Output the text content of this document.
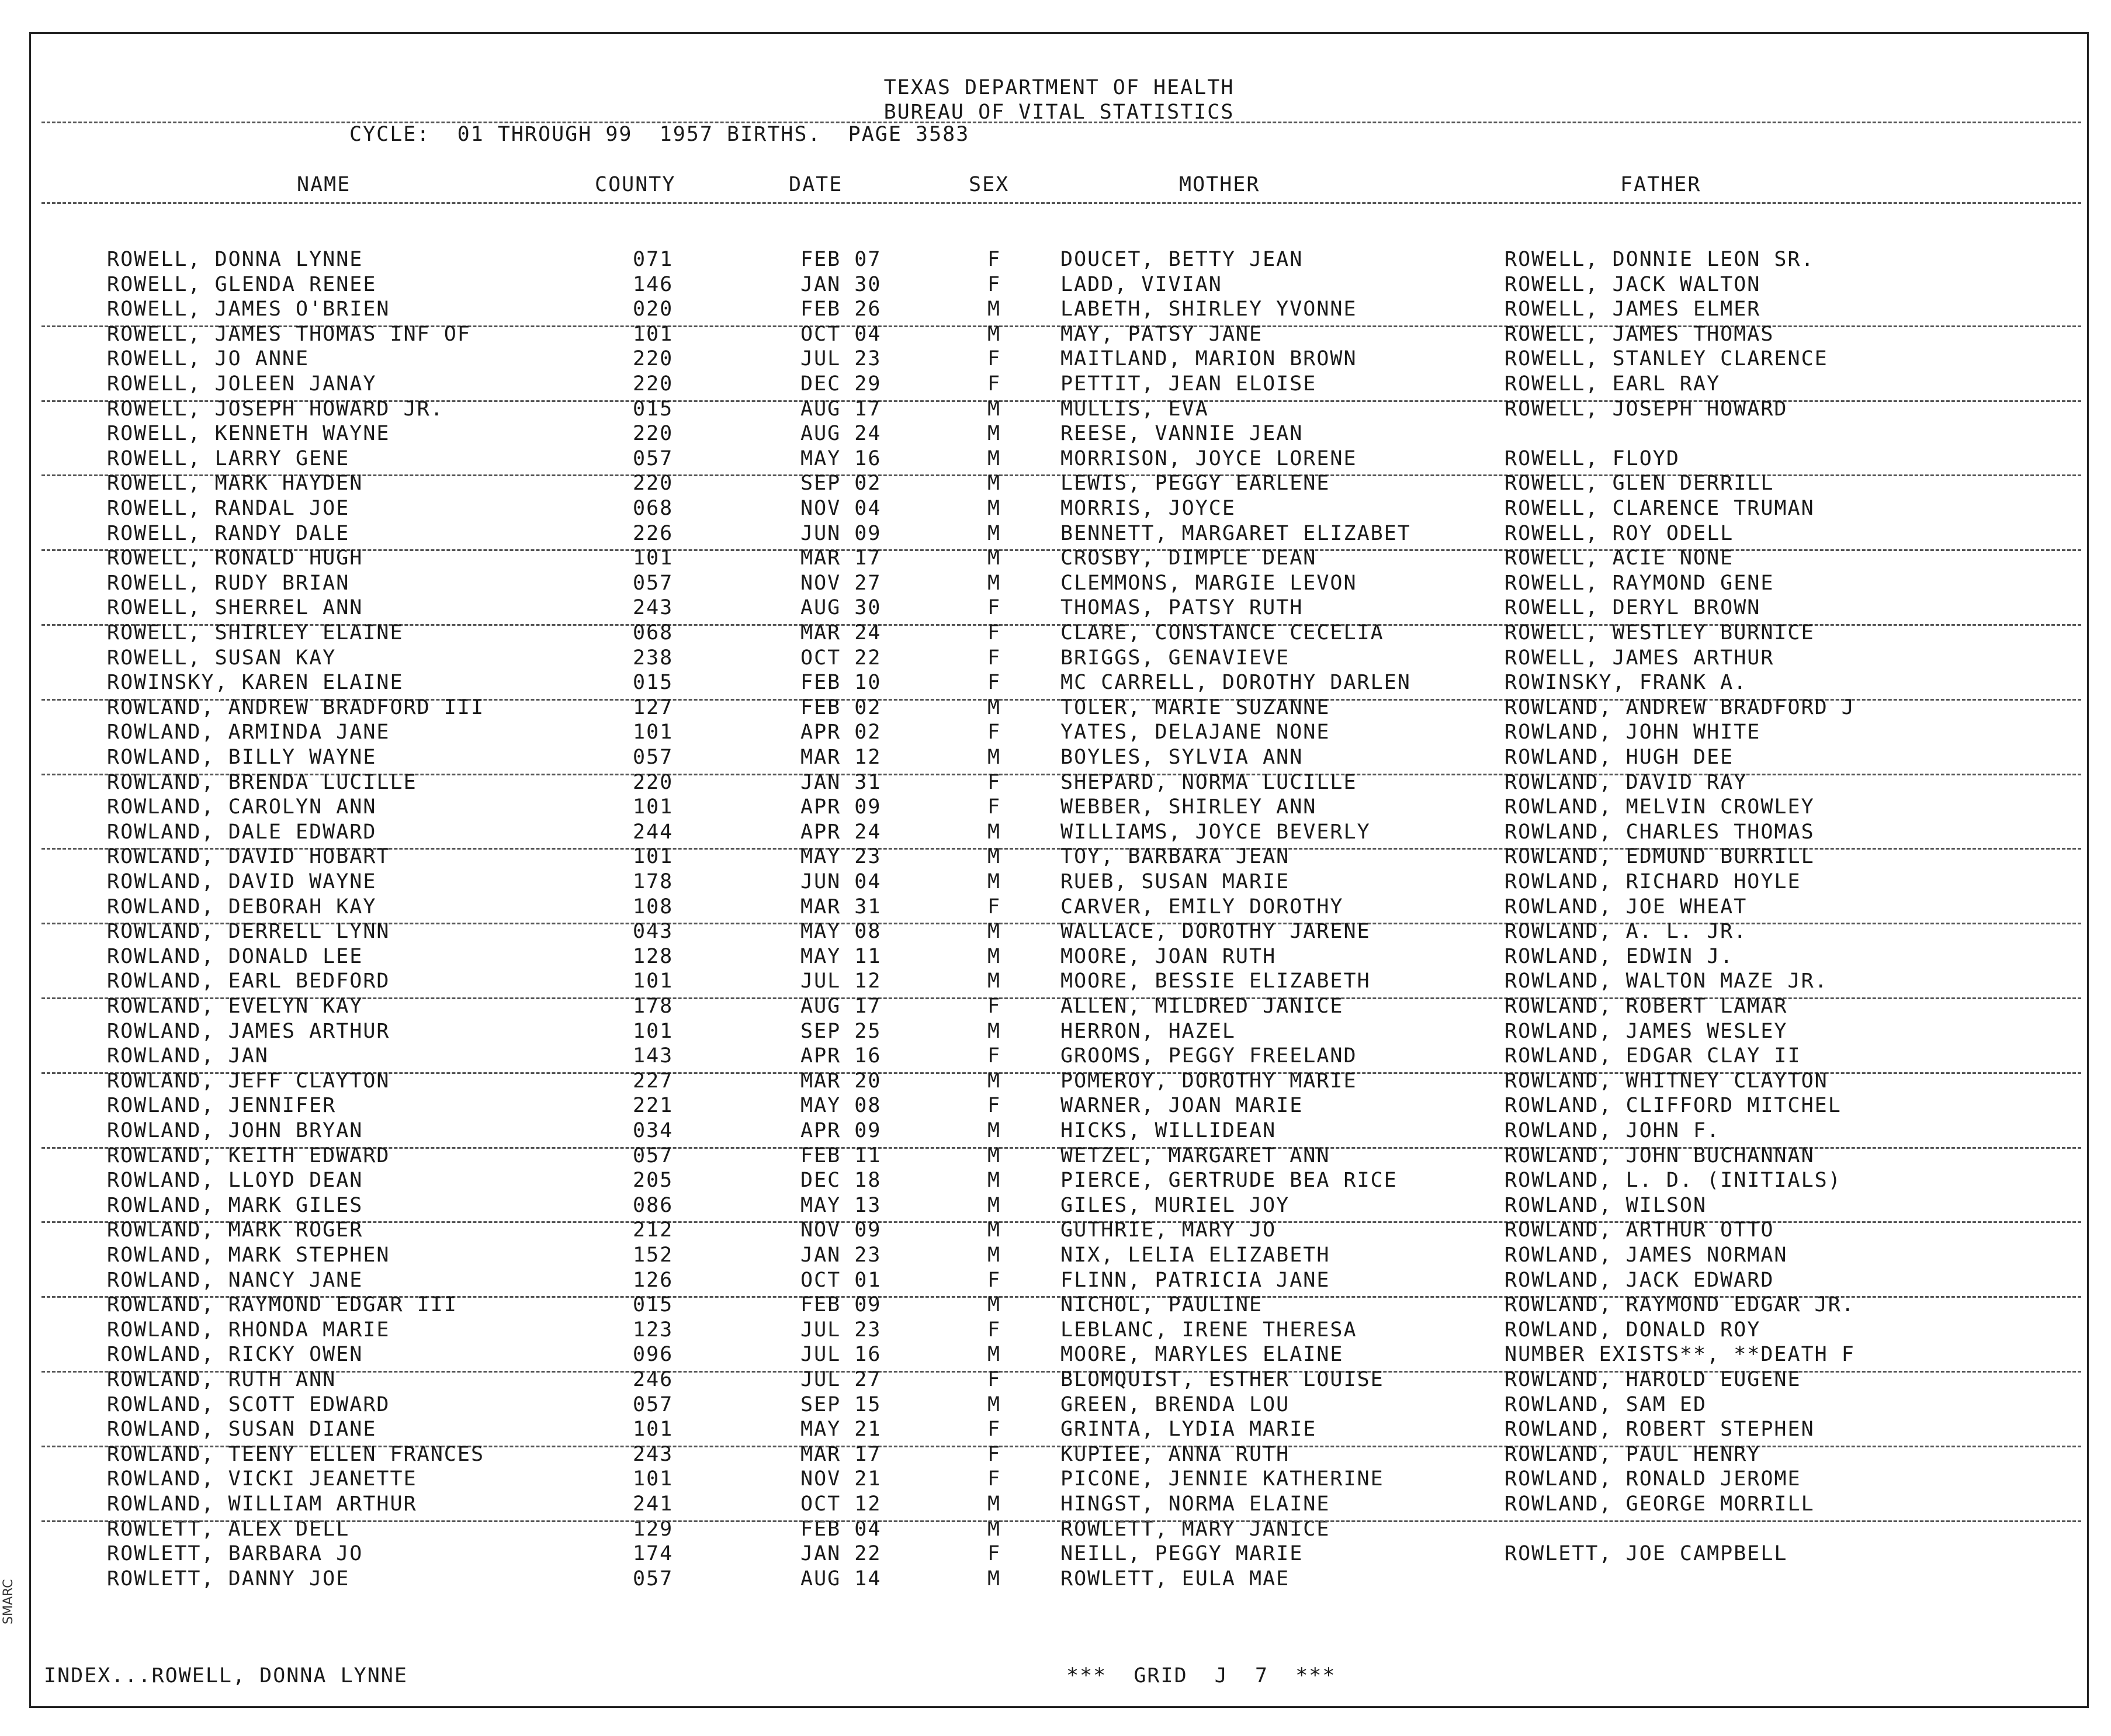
TEXAS DEPARTMENT OF HEALTH
BUREAU OF VITAL STATISTICS
CYCLE:  01 THROUGH 99  1957 BIRTHS.  PAGE 3583
NAME	COUNTY	DATE	SEX	MOTHER	FATHER
ROWELL, DONNA LYNNE	071	FEB 07	F	DOUCET, BETTY JEAN	ROWELL, DONNIE LEON SR.
ROWELL, GLENDA RENEE	146	JAN 30	F	LADD, VIVIAN	ROWELL, JACK WALTON
ROWELL, JAMES O'BRIEN	020	FEB 26	M	LABETH, SHIRLEY YVONNE	ROWELL, JAMES ELMER
ROWELL, JAMES THOMAS INF OF	101	OCT 04	M	MAY, PATSY JANE	ROWELL, JAMES THOMAS
ROWELL, JO ANNE	220	JUL 23	F	MAITLAND, MARION BROWN	ROWELL, STANLEY CLARENCE
ROWELL, JOLEEN JANAY	220	DEC 29	F	PETTIT, JEAN ELOISE	ROWELL, EARL RAY
ROWELL, JOSEPH HOWARD JR.	015	AUG 17	M	MULLIS, EVA	ROWELL, JOSEPH HOWARD
ROWELL, KENNETH WAYNE	220	AUG 24	M	REESE, VANNIE JEAN
ROWELL, LARRY GENE	057	MAY 16	M	MORRISON, JOYCE LORENE	ROWELL, FLOYD
ROWELL, MARK HAYDEN	220	SEP 02	M	LEWIS, PEGGY EARLENE	ROWELL, GLEN DERRILL
ROWELL, RANDAL JOE	068	NOV 04	M	MORRIS, JOYCE	ROWELL, CLARENCE TRUMAN
ROWELL, RANDY DALE	226	JUN 09	M	BENNETT, MARGARET ELIZABET	ROWELL, ROY ODELL
ROWELL, RONALD HUGH	101	MAR 17	M	CROSBY, DIMPLE DEAN	ROWELL, ACIE NONE
ROWELL, RUDY BRIAN	057	NOV 27	M	CLEMMONS, MARGIE LEVON	ROWELL, RAYMOND GENE
ROWELL, SHERREL ANN	243	AUG 30	F	THOMAS, PATSY RUTH	ROWELL, DERYL BROWN
ROWELL, SHIRLEY ELAINE	068	MAR 24	F	CLARE, CONSTANCE CECELIA	ROWELL, WESTLEY BURNICE
ROWELL, SUSAN KAY	238	OCT 22	F	BRIGGS, GENAVIEVE	ROWELL, JAMES ARTHUR
ROWINSKY, KAREN ELAINE	015	FEB 10	F	MC CARRELL, DOROTHY DARLEN	ROWINSKY, FRANK A.
ROWLAND, ANDREW BRADFORD III	127	FEB 02	M	TOLER, MARIE SUZANNE	ROWLAND, ANDREW BRADFORD J
ROWLAND, ARMINDA JANE	101	APR 02	F	YATES, DELAJANE NONE	ROWLAND, JOHN WHITE
ROWLAND, BILLY WAYNE	057	MAR 12	M	BOYLES, SYLVIA ANN	ROWLAND, HUGH DEE
ROWLAND, BRENDA LUCILLE	220	JAN 31	F	SHEPARD, NORMA LUCILLE	ROWLAND, DAVID RAY
ROWLAND, CAROLYN ANN	101	APR 09	F	WEBBER, SHIRLEY ANN	ROWLAND, MELVIN CROWLEY
ROWLAND, DALE EDWARD	244	APR 24	M	WILLIAMS, JOYCE BEVERLY	ROWLAND, CHARLES THOMAS
ROWLAND, DAVID HOBART	101	MAY 23	M	TOY, BARBARA JEAN	ROWLAND, EDMUND BURRILL
ROWLAND, DAVID WAYNE	178	JUN 04	M	RUEB, SUSAN MARIE	ROWLAND, RICHARD HOYLE
ROWLAND, DEBORAH KAY	108	MAR 31	F	CARVER, EMILY DOROTHY	ROWLAND, JOE WHEAT
ROWLAND, DERRELL LYNN	043	MAY 08	M	WALLACE, DOROTHY JARENE	ROWLAND, A. L. JR.
ROWLAND, DONALD LEE	128	MAY 11	M	MOORE, JOAN RUTH	ROWLAND, EDWIN J.
ROWLAND, EARL BEDFORD	101	JUL 12	M	MOORE, BESSIE ELIZABETH	ROWLAND, WALTON MAZE JR.
ROWLAND, EVELYN KAY	178	AUG 17	F	ALLEN, MILDRED JANICE	ROWLAND, ROBERT LAMAR
ROWLAND, JAMES ARTHUR	101	SEP 25	M	HERRON, HAZEL	ROWLAND, JAMES WESLEY
ROWLAND, JAN	143	APR 16	F	GROOMS, PEGGY FREELAND	ROWLAND, EDGAR CLAY II
ROWLAND, JEFF CLAYTON	227	MAR 20	M	POMEROY, DOROTHY MARIE	ROWLAND, WHITNEY CLAYTON
ROWLAND, JENNIFER	221	MAY 08	F	WARNER, JOAN MARIE	ROWLAND, CLIFFORD MITCHEL
ROWLAND, JOHN BRYAN	034	APR 09	M	HICKS, WILLIDEAN	ROWLAND, JOHN F.
ROWLAND, KEITH EDWARD	057	FEB 11	M	WETZEL, MARGARET ANN	ROWLAND, JOHN BUCHANNAN
ROWLAND, LLOYD DEAN	205	DEC 18	M	PIERCE, GERTRUDE BEA RICE	ROWLAND, L. D. (INITIALS)
ROWLAND, MARK GILES	086	MAY 13	M	GILES, MURIEL JOY	ROWLAND, WILSON
ROWLAND, MARK ROGER	212	NOV 09	M	GUTHRIE, MARY JO	ROWLAND, ARTHUR OTTO
ROWLAND, MARK STEPHEN	152	JAN 23	M	NIX, LELIA ELIZABETH	ROWLAND, JAMES NORMAN
ROWLAND, NANCY JANE	126	OCT 01	F	FLINN, PATRICIA JANE	ROWLAND, JACK EDWARD
ROWLAND, RAYMOND EDGAR III	015	FEB 09	M	NICHOL, PAULINE	ROWLAND, RAYMOND EDGAR JR.
ROWLAND, RHONDA MARIE	123	JUL 23	F	LEBLANC, IRENE THERESA	ROWLAND, DONALD ROY
ROWLAND, RICKY OWEN	096	JUL 16	M	MOORE, MARYLES ELAINE	NUMBER EXISTS**, **DEATH F
ROWLAND, RUTH ANN	246	JUL 27	F	BLOMQUIST, ESTHER LOUISE	ROWLAND, HAROLD EUGENE
ROWLAND, SCOTT EDWARD	057	SEP 15	M	GREEN, BRENDA LOU	ROWLAND, SAM ED
ROWLAND, SUSAN DIANE	101	MAY 21	F	GRINTA, LYDIA MARIE	ROWLAND, ROBERT STEPHEN
ROWLAND, TEENY ELLEN FRANCES	243	MAR 17	F	KUPIEE, ANNA RUTH	ROWLAND, PAUL HENRY
ROWLAND, VICKI JEANETTE	101	NOV 21	F	PICONE, JENNIE KATHERINE	ROWLAND, RONALD JEROME
ROWLAND, WILLIAM ARTHUR	241	OCT 12	M	HINGST, NORMA ELAINE	ROWLAND, GEORGE MORRILL
ROWLETT, ALEX DELL	129	FEB 04	M	ROWLETT, MARY JANICE
ROWLETT, BARBARA JO	174	JAN 22	F	NEILL, PEGGY MARIE	ROWLETT, JOE CAMPBELL
ROWLETT, DANNY JOE	057	AUG 14	M	ROWLETT, EULA MAE
INDEX...ROWELL, DONNA LYNNE	***  GRID  J  7  ***
SMARC
